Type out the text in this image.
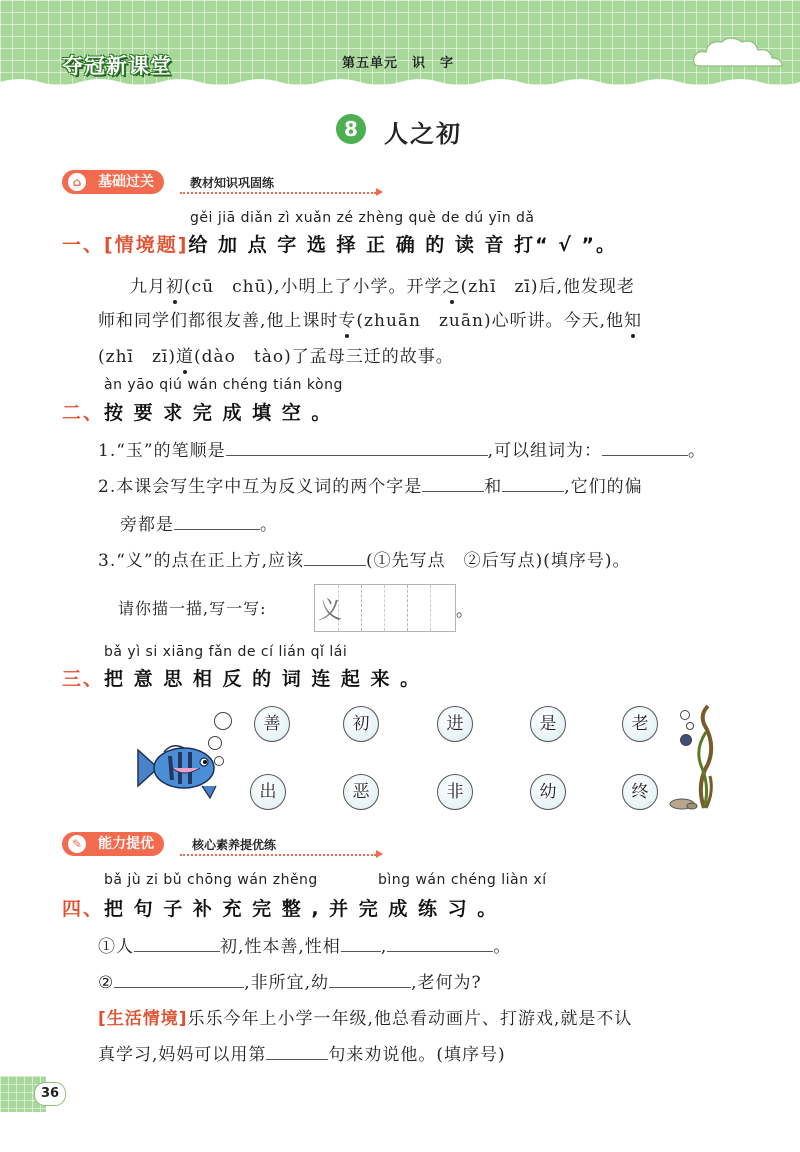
夺冠新课堂	第五单元　识　字
8	人之初
⌂	基础过关	教材知识巩固练
gěi jiā diǎn zì xuǎn zé zhèng què de dú yīn dǎ
一、[情境题]给 加 点 字 选 择 正 确 的 读 音 打“ √ ”。
九月初(cū　chū),小明上了小学。开学之(zhī　zī)后,他发现老
师和同学们都很友善,他上课时专(zhuān　zuān)心听讲。今天,他知
(zhī　zī)道(dào　tào)了孟母三迁的故事。
àn yāo qiú wán chéng tián kòng
二、按 要 求 完 成 填 空 。
1.“玉”的笔顺是	,可以组词为：	。
2.本课会写生字中互为反义词的两个字是	和	,它们的偏
旁都是	。
3.“义”的点在正上方,应该	(①先写点　②后写点)(填序号)。
请你描一描,写一写: 义	。
bǎ yì si xiāng fǎn de cí lián qǐ lái
三、把 意 思 相 反 的 词 连 起 来 。
善	初	进	是	老
出	恶	非	幼	终
✎ 能力提优	核心素养提优练
bǎ jù zi bǔ chōng wán zhěng	bìng wán chéng liàn xí
四、把 句 子 补 充 完 整 , 并 完 成 练 习 。
①人	初,性本善,性相 ,	。
②	,非所宜,幼	,老何为?
[生活情境]乐乐今年上小学一年级,他总看动画片、打游戏,就是不认
真学习,妈妈可以用第	句来劝说他。(填序号)
36
